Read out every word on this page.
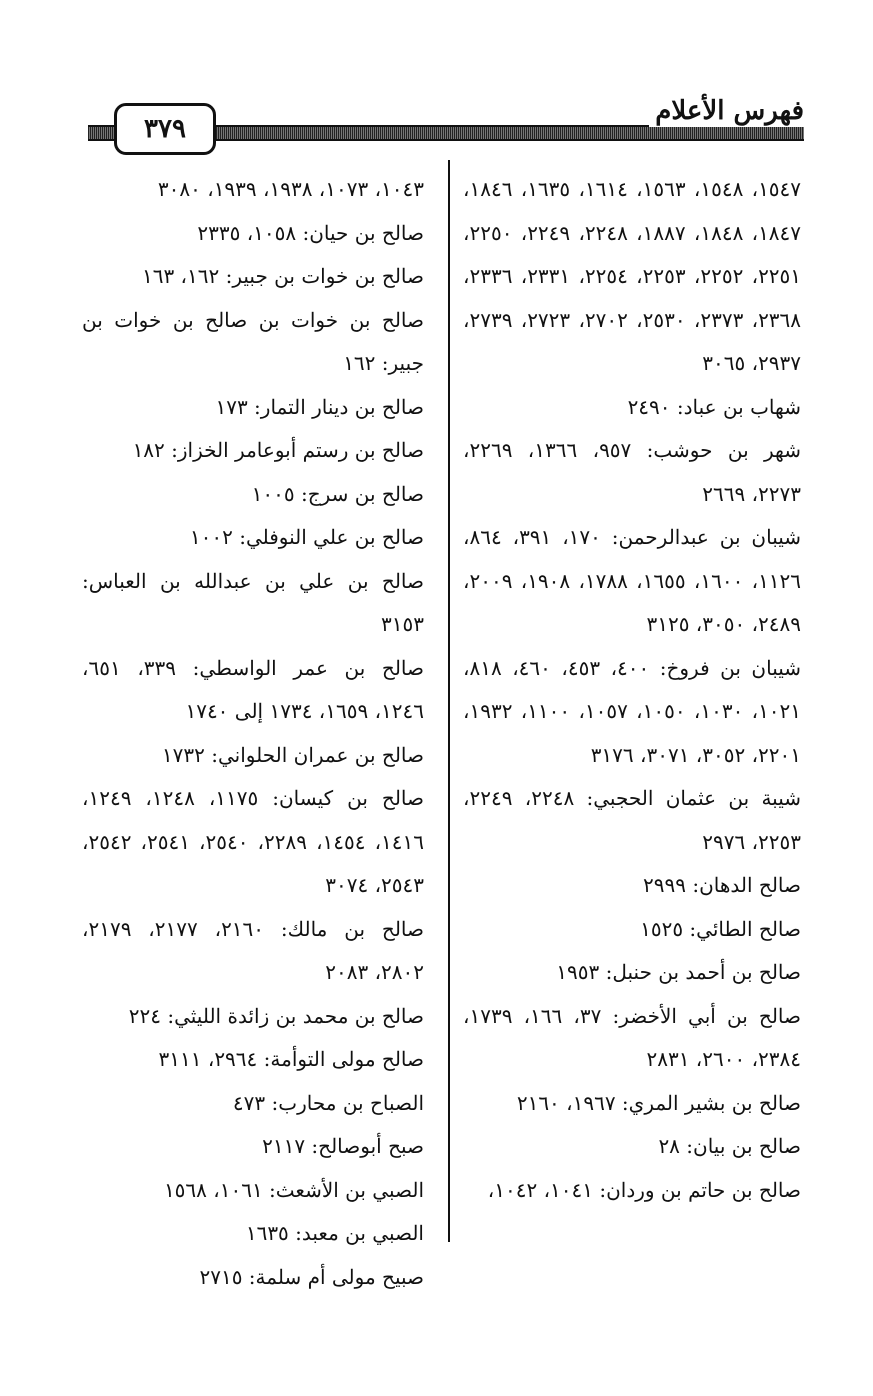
فهرس الأعلام
٣٧٩

١٥٤٧، ١٥٤٨، ١٥٦٣، ١٦١٤، ١٦٣٥، ١٨٤٦، ١٨٤٧، ١٨٤٨، ١٨٨٧، ٢٢٤٨، ٢٢٤٩، ٢٢٥٠، ٢٢٥١، ٢٢٥٢، ٢٢٥٣، ٢٢٥٤، ٢٣٣١، ٢٣٣٦، ٢٣٦٨، ٢٣٧٣، ٢٥٣٠، ٢٧٠٢، ٢٧٢٣، ٢٧٣٩، ٢٩٣٧، ٣٠٦٥

شهاب بن عباد: ٢٤٩٠

شهر بن حوشب: ٩٥٧، ١٣٦٦، ٢٢٦٩، ٢٢٧٣، ٢٦٦٩

شيبان بن عبدالرحمن: ١٧٠، ٣٩١، ٨٦٤، ١١٢٦، ١٦٠٠، ١٦٥٥، ١٧٨٨، ١٩٠٨، ٢٠٠٩، ٢٤٨٩، ٣٠٥٠، ٣١٢٥

شيبان بن فروخ: ٤٠٠، ٤٥٣، ٤٦٠، ٨١٨، ١٠٢١، ١٠٣٠، ١٠٥٠، ١٠٥٧، ١١٠٠، ١٩٣٢، ٢٢٠١، ٣٠٥٢، ٣٠٧١، ٣١٧٦

شيبة بن عثمان الحجبي: ٢٢٤٨، ٢٢٤٩، ٢٢٥٣، ٢٩٧٦

صالح الدهان: ٢٩٩٩

صالح الطائي: ١٥٢٥

صالح بن أحمد بن حنبل: ١٩٥٣

صالح بن أبي الأخضر: ٣٧، ١٦٦، ١٧٣٩، ٢٣٨٤، ٢٦٠٠، ٢٨٣١

صالح بن بشير المري: ١٩٦٧، ٢١٦٠

صالح بن بيان: ٢٨

صالح بن حاتم بن وردان: ١٠٤١، ١٠٤٢،

١٠٤٣، ١٠٧٣، ١٩٣٨، ١٩٣٩، ٣٠٨٠

صالح بن حيان: ١٠٥٨، ٢٣٣٥

صالح بن خوات بن جبير: ١٦٢، ١٦٣

صالح بن خوات بن صالح بن خوات بن جبير: ١٦٢

صالح بن دينار التمار: ١٧٣

صالح بن رستم أبوعامر الخزاز: ١٨٢

صالح بن سرج: ١٠٠٥

صالح بن علي النوفلي: ١٠٠٢

صالح بن علي بن عبدالله بن العباس: ٣١٥٣

صالح بن عمر الواسطي: ٣٣٩، ٦٥١، ١٢٤٦، ١٦٥٩، ١٧٣٤ إلى ١٧٤٠

صالح بن عمران الحلواني: ١٧٣٢

صالح بن كيسان: ١١٧٥، ١٢٤٨، ١٢٤٩، ١٤١٦، ١٤٥٤، ٢٢٨٩، ٢٥٤٠، ٢٥٤١، ٢٥٤٢، ٢٥٤٣، ٣٠٧٤

صالح بن مالك: ٢١٦٠، ٢١٧٧، ٢١٧٩، ٢٨٠٢، ٢٠٨٣

صالح بن محمد بن زائدة الليثي: ٢٢٤

صالح مولى التوأمة: ٢٩٦٤، ٣١١١

الصباح بن محارب: ٤٧٣

صبح أبوصالح: ٢١١٧

الصبي بن الأشعث: ١٠٦١، ١٥٦٨

الصبي بن معبد: ١٦٣٥

صبيح مولى أم سلمة: ٢٧١٥
